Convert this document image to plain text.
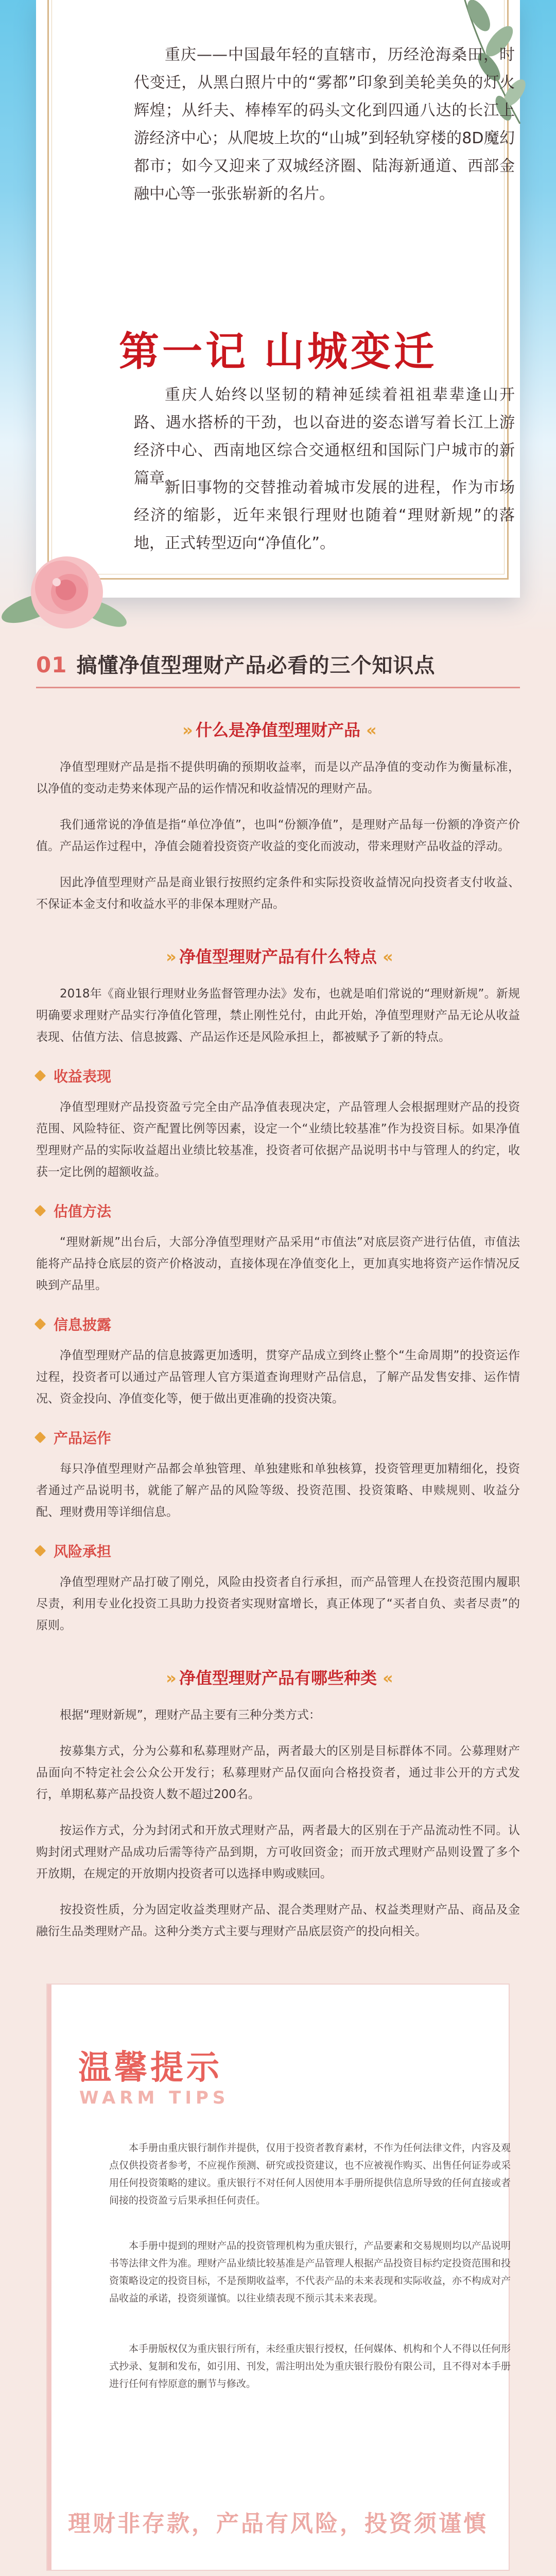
重庆——中国最年轻的直辖市，历经沧海桑田，时代变迁，从黑白照片中的“雾都”印象到美轮美奂的灯火辉煌；从纤夫、棒棒军的码头文化到四通八达的长江上游经济中心；从爬坡上坎的“山城”到轻轨穿楼的8D魔幻都市；如今又迎来了双城经济圈、陆海新通道、西部金融中心等一张张崭新的名片。
第一记 山城变迁
重庆人始终以坚韧的精神延续着祖祖辈辈逢山开路、遇水搭桥的干劲，也以奋进的姿态谱写着长江上游经济中心、西南地区综合交通枢纽和国际门户城市的新篇章。
新旧事物的交替推动着城市发展的进程，作为市场经济的缩影，近年来银行理财也随着“理财新规”的落地，正式转型迈向“净值化”。
01 搞懂净值型理财产品必看的三个知识点
» 什么是净值型理财产品 «

净值型理财产品是指不提供明确的预期收益率，而是以产品净值的变动作为衡量标准，以净值的变动走势来体现产品的运作情况和收益情况的理财产品。

我们通常说的净值是指“单位净值”，也叫“份额净值”，是理财产品每一份额的净资产价值。产品运作过程中，净值会随着投资资产收益的变化而波动，带来理财产品收益的浮动。

因此净值型理财产品是商业银行按照约定条件和实际投资收益情况向投资者支付收益、不保证本金支付和收益水平的非保本理财产品。

» 净值型理财产品有什么特点 «

2018年《商业银行理财业务监督管理办法》发布，也就是咱们常说的“理财新规”。新规明确要求理财产品实行净值化管理，禁止刚性兑付，由此开始，净值型理财产品无论从收益表现、估值方法、信息披露、产品运作还是风险承担上，都被赋予了新的特点。

收益表现

净值型理财产品投资盈亏完全由产品净值表现决定，产品管理人会根据理财产品的投资范围、风险特征、资产配置比例等因素，设定一个“业绩比较基准”作为投资目标。如果净值型理财产品的实际收益超出业绩比较基准，投资者可依据产品说明书中与管理人的约定，收获一定比例的超额收益。

估值方法

“理财新规”出台后，大部分净值型理财产品采用“市值法”对底层资产进行估值，市值法能将产品持仓底层的资产价格波动，直接体现在净值变化上，更加真实地将资产运作情况反映到产品里。

信息披露

净值型理财产品的信息披露更加透明，贯穿产品成立到终止整个“生命周期”的投资运作过程，投资者可以通过产品管理人官方渠道查询理财产品信息，了解产品发售安排、运作情况、资金投向、净值变化等，便于做出更准确的投资决策。

产品运作

每只净值型理财产品都会单独管理、单独建账和单独核算，投资管理更加精细化，投资者通过产品说明书，就能了解产品的风险等级、投资范围、投资策略、申赎规则、收益分配、理财费用等详细信息。

风险承担

净值型理财产品打破了刚兑，风险由投资者自行承担，而产品管理人在投资范围内履职尽责，利用专业化投资工具助力投资者实现财富增长，真正体现了“买者自负、卖者尽责”的原则。

» 净值型理财产品有哪些种类 «

根据“理财新规”，理财产品主要有三种分类方式：

按募集方式，分为公募和私募理财产品，两者最大的区别是目标群体不同。公募理财产品面向不特定社会公众公开发行；私募理财产品仅面向合格投资者，通过非公开的方式发行，单期私募产品投资人数不超过200名。

按运作方式，分为封闭式和开放式理财产品，两者最大的区别在于产品流动性不同。认购封闭式理财产品成功后需等待产品到期，方可收回资金；而开放式理财产品则设置了多个开放期，在规定的开放期内投资者可以选择申购或赎回。

按投资性质，分为固定收益类理财产品、混合类理财产品、权益类理财产品、商品及金融衍生品类理财产品。这种分类方式主要与理财产品底层资产的投向相关。

温馨提示
WARM TIPS

本手册由重庆银行制作并提供，仅用于投资者教育素材，不作为任何法律文件，内容及观点仅供投资者参考，不应视作预测、研究或投资建议，也不应被视作购买、出售任何证券或采用任何投资策略的建议。重庆银行不对任何人因使用本手册所提供信息所导致的任何直接或者间接的投资盈亏后果承担任何责任。

本手册中提到的理财产品的投资管理机构为重庆银行，产品要素和交易规则均以产品说明书等法律文件为准。理财产品业绩比较基准是产品管理人根据产品投资目标约定投资范围和投资策略设定的投资目标，不是预期收益率，不代表产品的未来表现和实际收益，亦不构成对产品收益的承诺，投资须谨慎。以往业绩表现不预示其未来表现。

本手册版权仅为重庆银行所有，未经重庆银行授权，任何媒体、机构和个人不得以任何形式抄录、复制和发布，如引用、刊发，需注明出处为重庆银行股份有限公司，且不得对本手册进行任何有悖原意的删节与修改。

理财非存款，产品有风险，投资须谨慎
